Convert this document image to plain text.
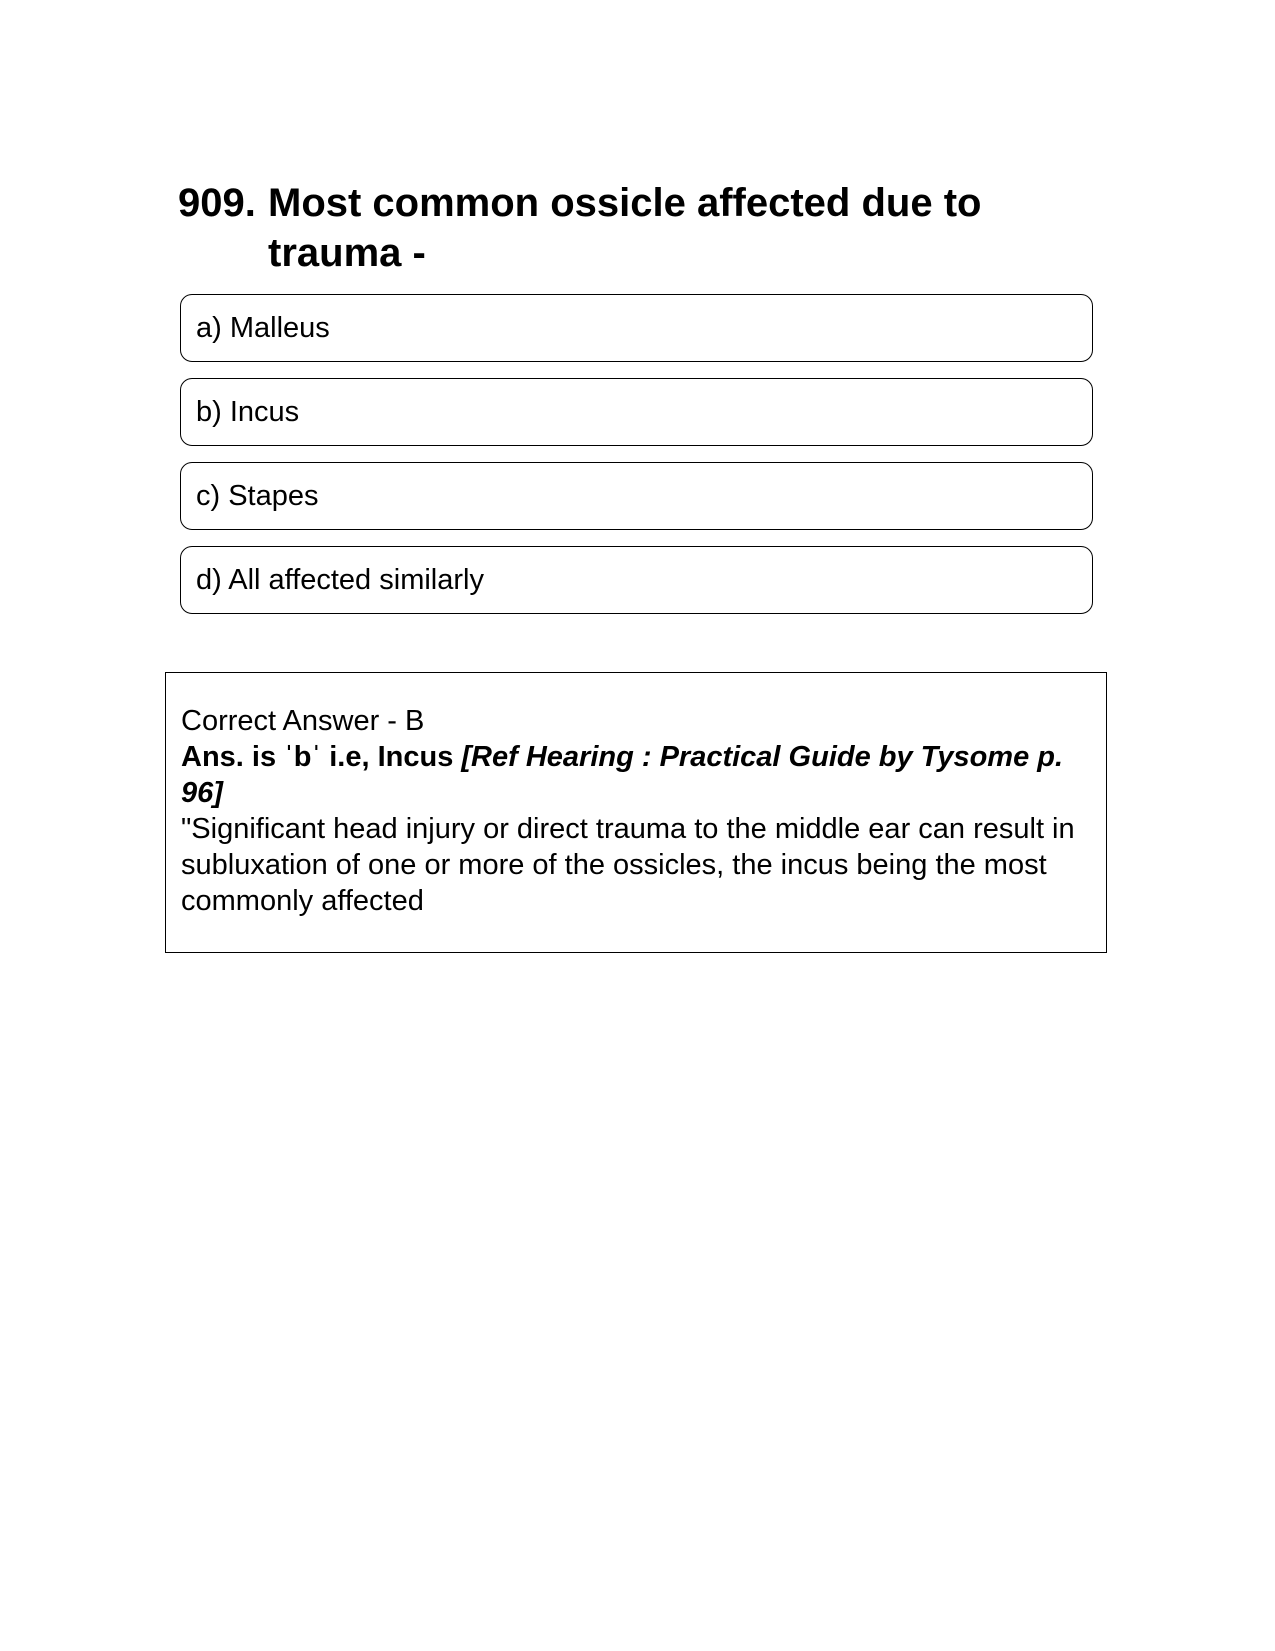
909. Most common ossicle affected due to trauma -
a) Malleus
b) Incus
c) Stapes
d) All affected similarly

Correct Answer - B

Ans. is ˈbˈ i.e, Incus [Ref Hearing : Practical Guide by Tysome p. 96]

"Significant head injury or direct trauma to the middle ear can result in subluxation of one or more of the ossicles, the incus being the most commonly affected
